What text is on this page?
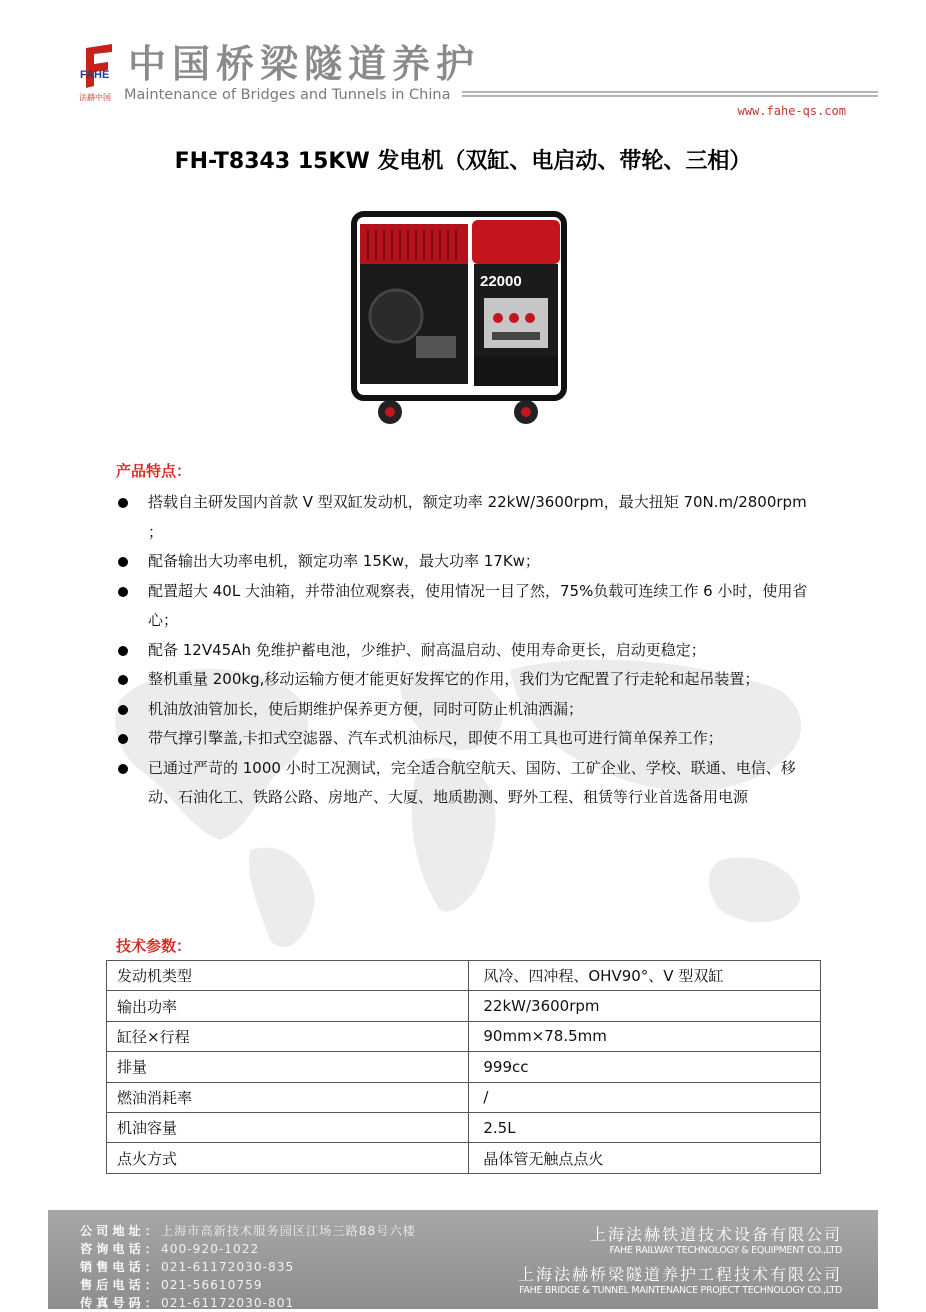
FAHE
法赫中国
中国桥梁隧道养护
Maintenance of Bridges and Tunnels in China
www.fahe-qs.com
FH-T8343 15KW 发电机（双缸、电启动、带轮、三相）
22000
产品特点：
搭载自主研发国内首款 V 型双缸发动机，额定功率 22kW/3600rpm，最大扭矩 70N.m/2800rpm ；
配备输出大功率电机，额定功率 15Kw，最大功率 17Kw；
配置超大 40L 大油箱，并带油位观察表，使用情况一目了然，75%负载可连续工作 6 小时，使用省心；
配备 12V45Ah 免维护蓄电池，少维护、耐高温启动、使用寿命更长，启动更稳定；
整机重量 200kg,移动运输方便才能更好发挥它的作用，我们为它配置了行走轮和起吊装置；
机油放油管加长，使后期维护保养更方便，同时可防止机油洒漏；
带气撑引擎盖,卡扣式空滤器、汽车式机油标尺，即使不用工具也可进行简单保养工作；
已通过严苛的 1000 小时工况测试，完全适合航空航天、国防、工矿企业、学校、联通、电信、移动、石油化工、铁路公路、房地产、大厦、地质勘测、野外工程、租赁等行业首选备用电源
技术参数：
发动机类型	风冷、四冲程、OHV90°、V 型双缸
输出功率	22kW/3600rpm
缸径×行程	90mm×78.5mm
排量	999cc
燃油消耗率	/
机油容量	2.5L
点火方式	晶体管无触点点火
公司地址：上海市高新技术服务园区江场三路88号六楼
咨询电话：400-920-1022
销售电话：021-61172030-835
售后电话：021-56610759
传真号码：021-61172030-801
上海法赫铁道技术设备有限公司
FAHE RAILWAY TECHNOLOGY & EQUIPMENT CO.,LTD
上海法赫桥梁隧道养护工程技术有限公司
FAHE BRIDGE & TUNNEL MAINTENANCE PROJECT TECHNOLOGY CO.,LTD
